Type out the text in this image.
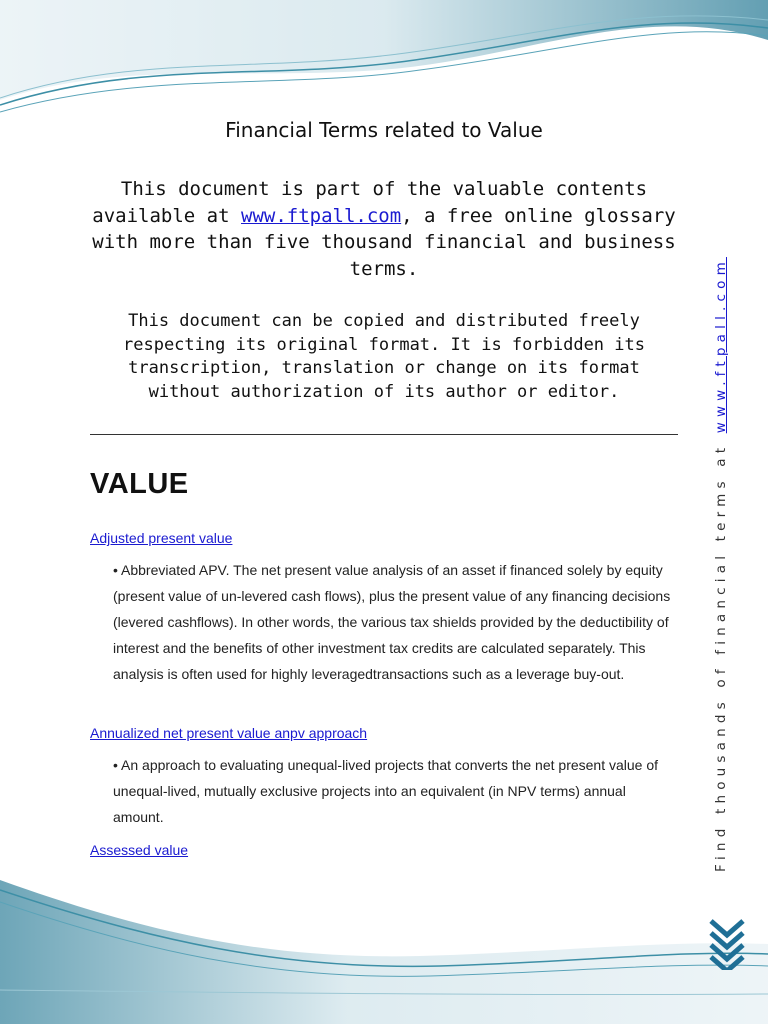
Financial Terms related to Value
This document is part of the valuable contents available at www.ftpall.com, a free online glossary with more than five thousand financial and business terms.
This document can be copied and distributed freely respecting its original format. It is forbidden its transcription, translation or change on its format without authorization of its author or editor.
VALUE
Adjusted present value
• Abbreviated APV. The net present value analysis of an asset if financed solely by equity (present value of un-levered cash flows), plus the present value of any financing decisions (levered cashflows). In other words, the various tax shields provided by the deductibility of interest and the benefits of other investment tax credits are calculated separately. This analysis is often used for highly leveragedtransactions such as a leverage buy-out.
Annualized net present value anpv approach
• An approach to evaluating unequal-lived projects that converts the net present value of unequal-lived, mutually exclusive projects into an equivalent (in NPV terms) annual amount.
Assessed value	Find thousands of financial terms at www.ftpall.com
